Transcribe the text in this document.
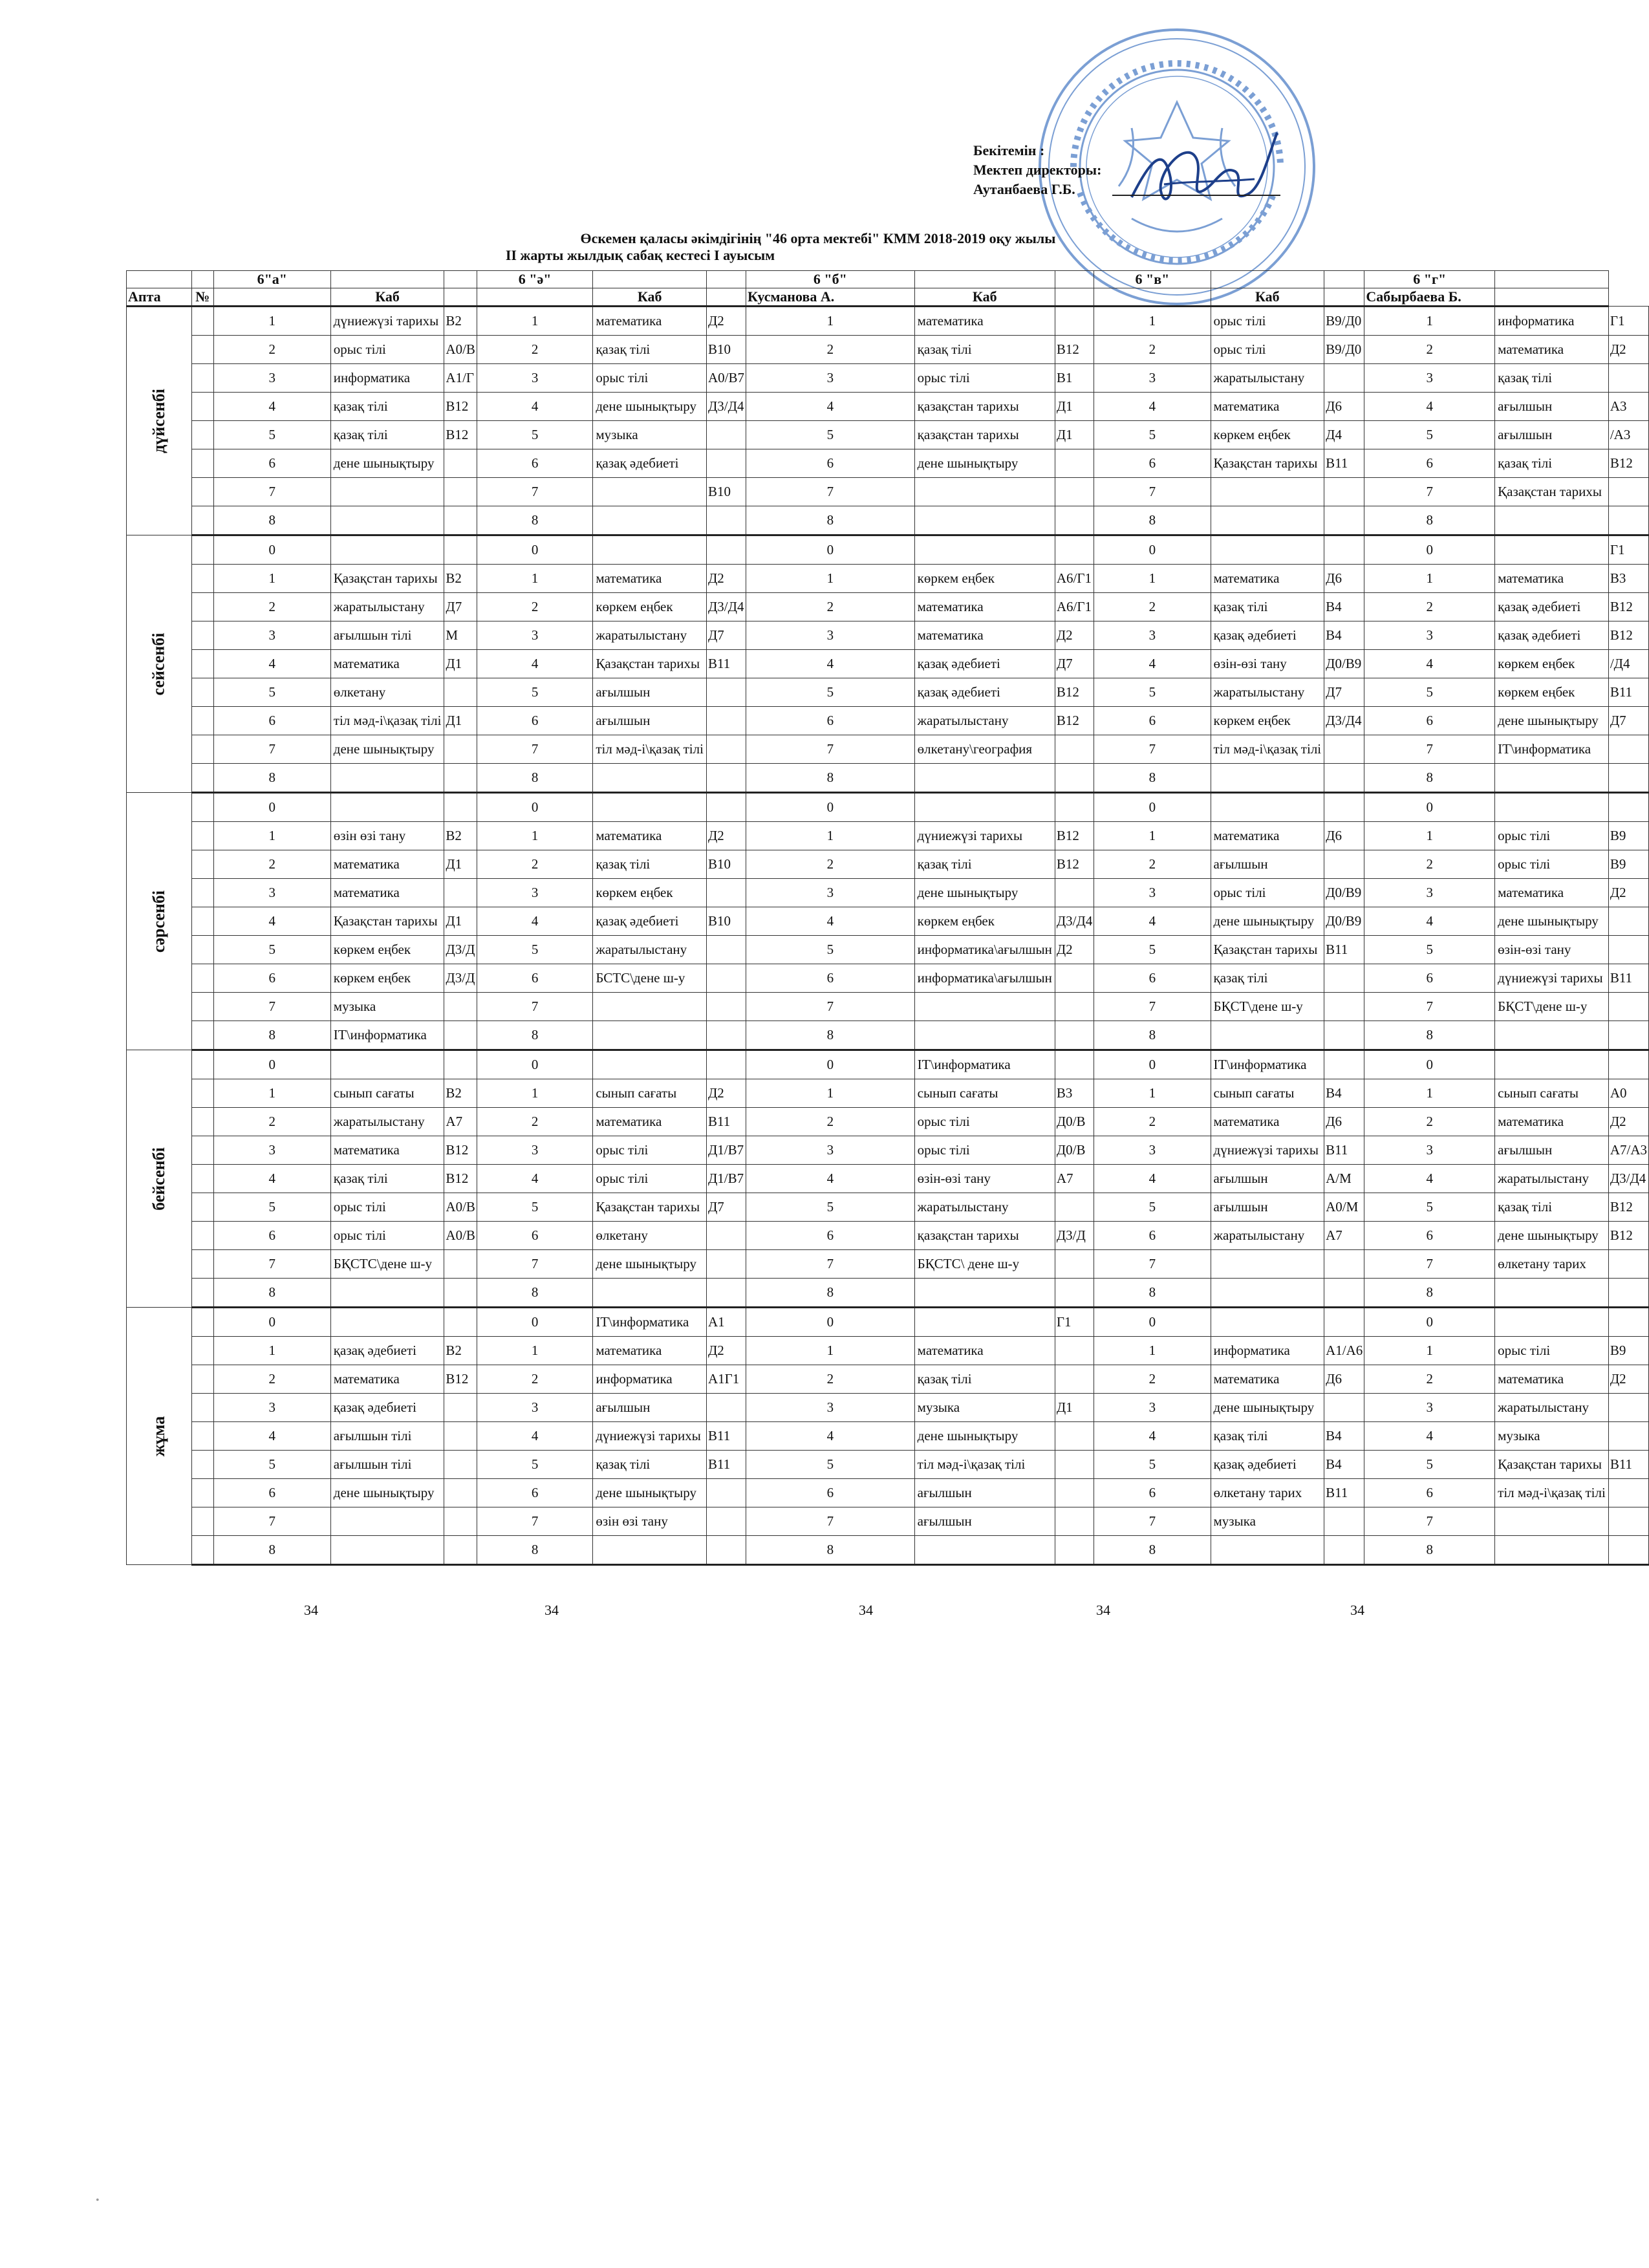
Бекітемін :
Мектеп директоры:
Аутанбаева Г.Б.
Өскемен қаласы әкімдігінің "46 орта мектебі" КММ 2018-2019 оқу жылы
ІІ жарты жылдық сабақ кестесі І ауысым
		6"а"			6 "ә"			6 "б"			6 "в"			6 "г"		
Апта	№		Каб			Каб		Кусманова А.	Каб			Каб		Сабырбаева Б.		
дүйсенбі		1	дүниежүзі тарихы	В2	1	математика	Д2	1	математика		1	орыс тілі	В9/Д0	1	информатика	Г1
		2	орыс тілі	А0/В	2	қазақ тілі	В10	2	қазақ тілі	В12	2	орыс тілі	В9/Д0	2	математика	Д2
		3	информатика	А1/Г	3	орыс тілі	А0/В7	3	орыс тілі	В1	3	жаратылыстану		3	қазақ тілі	
		4	қазақ тілі	В12	4	дене шынықтыру	Д3/Д4	4	қазақстан тарихы	Д1	4	математика	Д6	4	ағылшын	А3
		5	қазақ тілі	В12	5	музыка		5	қазақстан тарихы	Д1	5	көркем еңбек	Д4	5	ағылшын	/А3
		6	дене шынықтыру		6	қазақ әдебиеті		6	дене шынықтыру		6	Қазақстан тарихы	В11	6	қазақ тілі	В12
		7			7		В10	7			7			7	Қазақстан тарихы	
		8			8			8			8			8		
сейсенбі		0			0			0			0			0		Г1
		1	Қазақстан тарихы	В2	1	математика	Д2	1	көркем еңбек	А6/Г1	1	математика	Д6	1	математика	В3
		2	жаратылыстану	Д7	2	көркем еңбек	Д3/Д4	2	математика	А6/Г1	2	қазақ тілі	В4	2	қазақ әдебиеті	В12
		3	ағылшын тілі	М	3	жаратылыстану	Д7	3	математика	Д2	3	қазақ әдебиеті	В4	3	қазақ әдебиеті	В12
		4	математика	Д1	4	Қазақстан тарихы	В11	4	қазақ әдебиеті	Д7	4	өзін-өзі тану	Д0/В9	4	көркем еңбек	/Д4
		5	өлкетану		5	ағылшын		5	қазақ әдебиеті	В12	5	жаратылыстану	Д7	5	көркем еңбек	В11
		6	тіл мәд-і\қазақ тілі	Д1	6	ағылшын		6	жаратылыстану	В12	6	көркем еңбек	Д3/Д4	6	дене шынықтыру	Д7
		7	дене шынықтыру		7	тіл мәд-і\қазақ тілі		7	өлкетану\география		7	тіл мәд-і\қазақ тілі		7	ІТ\информатика	
		8			8			8			8			8		
сәрсенбі		0			0			0			0			0		
		1	өзін өзі тану	В2	1	математика	Д2	1	дүниежүзі тарихы	В12	1	математика	Д6	1	орыс тілі	В9
		2	математика	Д1	2	қазақ тілі	В10	2	қазақ тілі	В12	2	ағылшын		2	орыс тілі	В9
		3	математика		3	көркем еңбек		3	дене шынықтыру		3	орыс тілі	Д0/В9	3	математика	Д2
		4	Қазақстан тарихы	Д1	4	қазақ әдебиеті	В10	4	көркем еңбек	Д3/Д4	4	дене шынықтыру	Д0/В9	4	дене шынықтыру	
		5	көркем еңбек	Д3/Д	5	жаратылыстану		5	информатика\ағылшын	Д2	5	Қазақстан тарихы	В11	5	өзін-өзі тану	
		6	көркем еңбек	Д3/Д	6	БСТС\дене ш-у		6	информатика\ағылшын		6	қазақ тілі		6	дүниежүзі тарихы	В11
		7	музыка		7			7			7	БҚСТ\дене ш-у		7	БҚСТ\дене ш-у	
		8	ІТ\информатика		8			8			8			8		
бейсенбі		0			0			0	ІТ\информатика		0	ІТ\информатика		0		
		1	сынып сағаты	В2	1	сынып сағаты	Д2	1	сынып сағаты	В3	1	сынып сағаты	В4	1	сынып сағаты	А0
		2	жаратылыстану	А7	2	математика	В11	2	орыс тілі	Д0/В	2	математика	Д6	2	математика	Д2
		3	математика	В12	3	орыс тілі	Д1/В7	3	орыс тілі	Д0/В	3	дүниежүзі тарихы	В11	3	ағылшын	А7/А3
		4	қазақ тілі	В12	4	орыс тілі	Д1/В7	4	өзін-өзі тану	А7	4	ағылшын	А/М	4	жаратылыстану	Д3/Д4
		5	орыс тілі	А0/В	5	Қазақстан тарихы	Д7	5	жаратылыстану		5	ағылшын	А0/М	5	қазақ тілі	В12
		6	орыс тілі	А0/В	6	өлкетану		6	қазақстан тарихы	Д3/Д	6	жаратылыстану	А7	6	дене шынықтыру	В12
		7	БҚСТС\дене ш-у		7	дене шынықтыру		7	БҚСТС\ дене ш-у		7			7	өлкетану тарих	
		8			8			8			8			8		
жұма		0			0	ІТ\информатика	А1	0		Г1	0			0		
		1	қазақ әдебиеті	В2	1	математика	Д2	1	математика		1	информатика	А1/А6	1	орыс тілі	В9
		2	математика	В12	2	информатика	А1Г1	2	қазақ тілі		2	математика	Д6	2	математика	Д2
		3	қазақ әдебиеті		3	ағылшын		3	музыка	Д1	3	дене шынықтыру		3	жаратылыстану	
		4	ағылшын тілі		4	дүниежүзі тарихы	В11	4	дене шынықтыру		4	қазақ тілі	В4	4	музыка	
		5	ағылшын тілі		5	қазақ тілі	В11	5	тіл мәд-і\қазақ тілі		5	қазақ әдебиеті	В4	5	Қазақстан тарихы	В11
		6	дене шынықтыру		6	дене шынықтыру		6	ағылшын		6	өлкетану тарих	В11	6	тіл мәд-і\қазақ тілі	
		7			7	өзін өзі тану		7	ағылшын		7	музыка		7		
		8			8			8			8			8		
34	34	34	34	34
•
